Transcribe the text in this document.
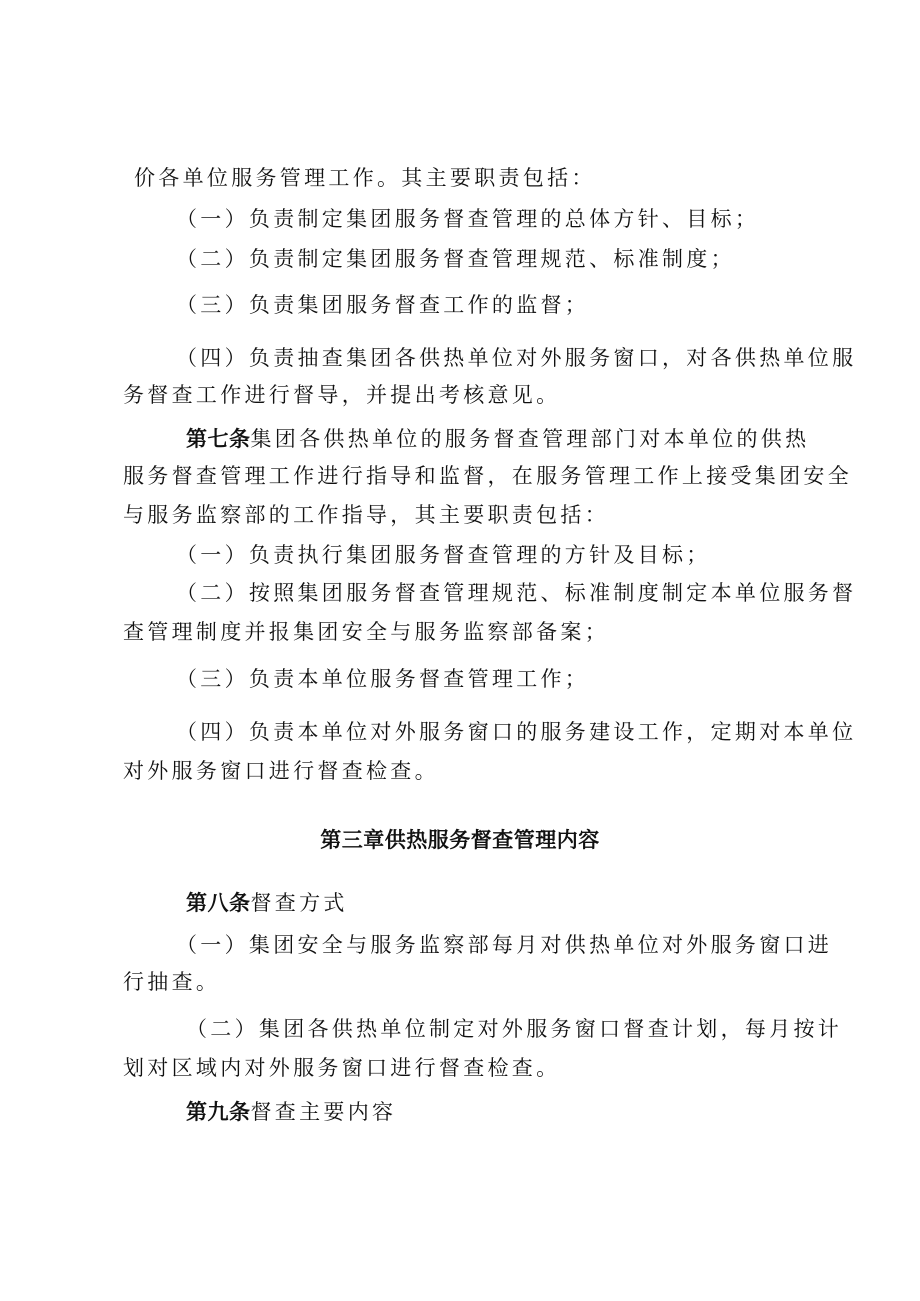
价各单位服务管理工作。其主要职责包括：
（一）负责制定集团服务督查管理的总体方针、目标；
（二）负责制定集团服务督查管理规范、标准制度；
（三）负责集团服务督查工作的监督；
（四）负责抽查集团各供热单位对外服务窗口，对各供热单位服
务督查工作进行督导，并提出考核意见。
第七条集团各供热单位的服务督查管理部门对本单位的供热
服务督查管理工作进行指导和监督，在服务管理工作上接受集团安全
与服务监察部的工作指导，其主要职责包括：
（一）负责执行集团服务督查管理的方针及目标；
（二）按照集团服务督查管理规范、标准制度制定本单位服务督
查管理制度并报集团安全与服务监察部备案；
（三）负责本单位服务督查管理工作；
（四）负责本单位对外服务窗口的服务建设工作，定期对本单位
对外服务窗口进行督查检查。
第三章供热服务督查管理内容
第八条督查方式
（一）集团安全与服务监察部每月对供热单位对外服务窗口进
行抽查。
（二）集团各供热单位制定对外服务窗口督查计划，每月按计
划对区域内对外服务窗口进行督查检查。
第九条督查主要内容
